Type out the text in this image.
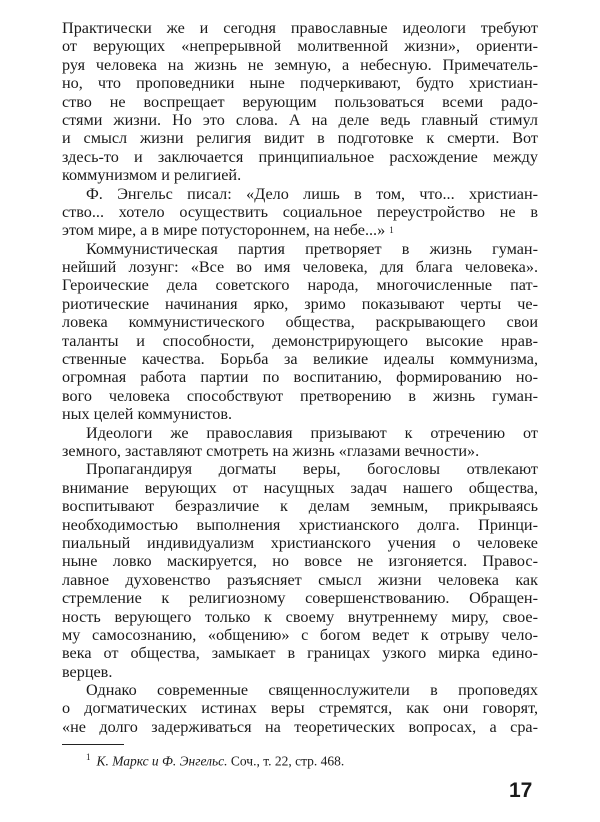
Практически же и сегодня православные идеологи требуют
от верующих «непрерывной молитвенной жизни», ориенти-
руя человека на жизнь не земную, а небесную. Примечатель-
но, что проповедники ныне подчеркивают, будто христиан-
ство не воспрещает верующим пользоваться всеми радо-
стями жизни. Но это слова. А на деле ведь главный стимул
и смысл жизни религия видит в подготовке к смерти. Вот
здесь-то и заключается принципиальное расхождение между
коммунизмом и религией.
Ф. Энгельс писал: «Дело лишь в том, что... христиан-
ство... хотело осуществить социальное переустройство не в
этом мире, а в мире потустороннем, на небе...» $^1$
Коммунистическая партия претворяет в жизнь гуман-
нейший лозунг: «Все во имя человека, для блага человека».
Героические дела советского народа, многочисленные пат-
риотические начинания ярко, зримо показывают черты че-
ловека коммунистического общества, раскрывающего свои
таланты и способности, демонстрирующего высокие нрав-
ственные качества. Борьба за великие идеалы коммунизма,
огромная работа партии по воспитанию, формированию но-
вого человека способствуют претворению в жизнь гуман-
ных целей коммунистов.
Идеологи же православия призывают к отречению от
земного, заставляют смотреть на жизнь «глазами вечности».
Пропагандируя догматы веры, богословы отвлекают
внимание верующих от насущных задач нашего общества,
воспитывают безразличие к делам земным, прикрываясь
необходимостью выполнения христианского долга. Принци-
пиальный индивидуализм христианского учения о человеке
ныне ловко маскируется, но вовсе не изгоняется. Правос-
лавное духовенство разъясняет смысл жизни человека как
стремление к религиозному совершенствованию. Обращен-
ность верующего только к своему внутреннему миру, свое-
му самосознанию, «общению» с богом ведет к отрыву чело-
века от общества, замыкает в границах узкого мирка едино-
верцев.
Однако современные священнослужители в проповедях
о догматических истинах веры стремятся, как они говорят,
«не долго задерживаться на теоретических вопросах, а сра-
$^1$ К. Маркс и Ф. Энгельс. Соч., т. 22, стр. 468.
17
